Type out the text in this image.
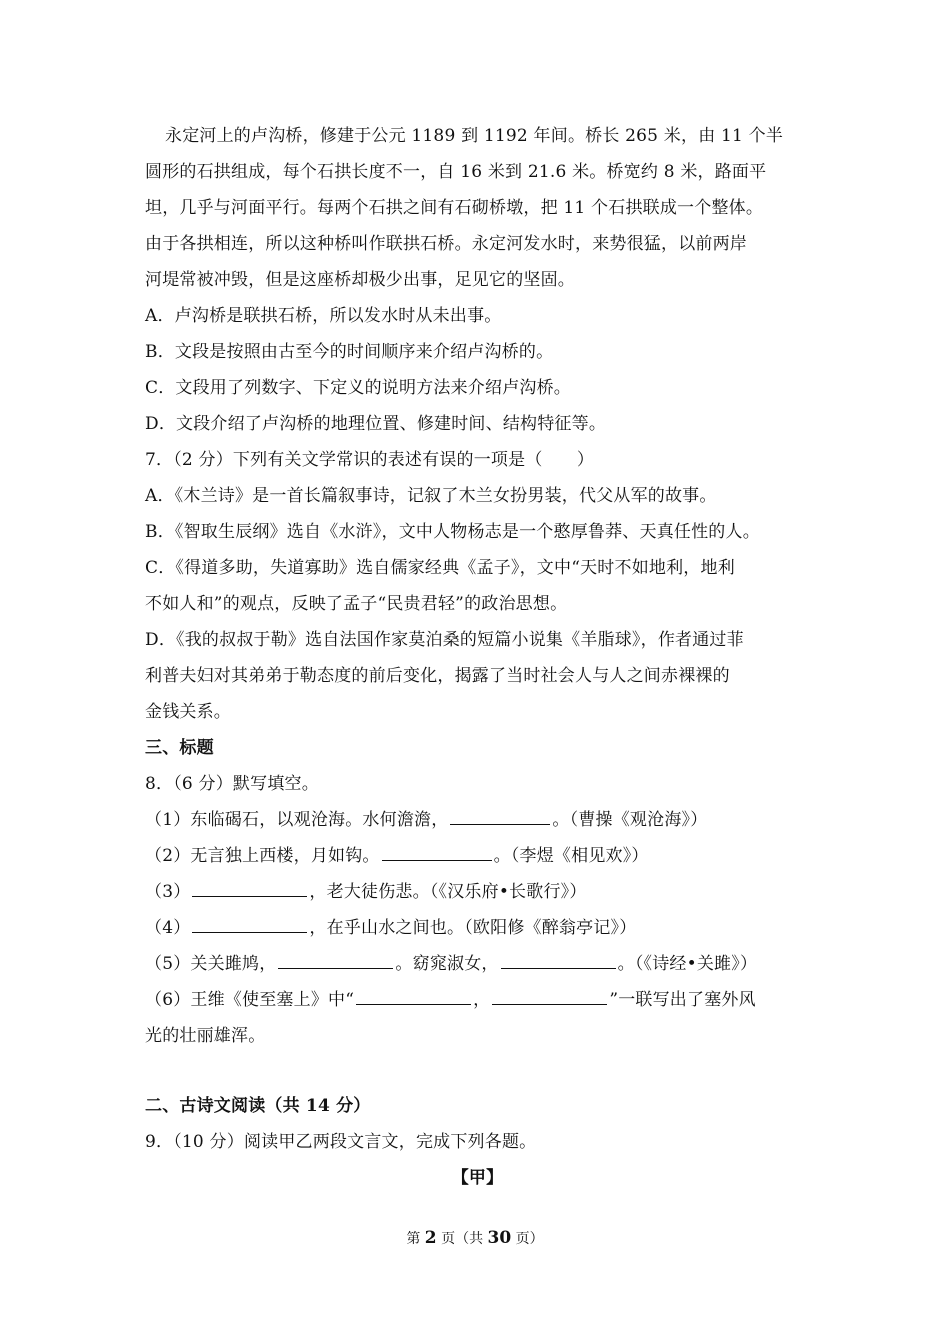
永定河上的卢沟桥，修建于公元 1189 到 1192 年间。桥长 265 米，由 11 个半
圆形的石拱组成，每个石拱长度不一，自 16 米到 21.6 米。桥宽约 8 米，路面平
坦，几乎与河面平行。每两个石拱之间有石砌桥墩，把 11 个石拱联成一个整体。
由于各拱相连，所以这种桥叫作联拱石桥。永定河发水时，来势很猛，以前两岸
河堤常被冲毁，但是这座桥却极少出事，足见它的坚固。
A．卢沟桥是联拱石桥，所以发水时从未出事。
B．文段是按照由古至今的时间顺序来介绍卢沟桥的。
C．文段用了列数字、下定义的说明方法来介绍卢沟桥。
D．文段介绍了卢沟桥的地理位置、修建时间、结构特征等。
7．（2 分）下列有关文学常识的表述有误的一项是（　　）
A．《木兰诗》是一首长篇叙事诗，记叙了木兰女扮男装，代父从军的故事。
B．《智取生辰纲》选自《水浒》，文中人物杨志是一个憨厚鲁莽、天真任性的人。
C．《得道多助，失道寡助》选自儒家经典《孟子》，文中“天时不如地利，地利
不如人和”的观点，反映了孟子“民贵君轻”的政治思想。
D．《我的叔叔于勒》选自法国作家莫泊桑的短篇小说集《羊脂球》，作者通过菲
利普夫妇对其弟弟于勒态度的前后变化，揭露了当时社会人与人之间赤裸裸的
金钱关系。
三、标题
8．（6 分）默写填空。
（1）东临碣石，以观沧海。水何澹澹，	。（曹操《观沧海》）
（2）无言独上西楼，月如钩。	。（李煜《相见欢》）
（3）	，老大徒伤悲。（《汉乐府•长歌行》）
（4）	，在乎山水之间也。（欧阳修《醉翁亭记》）
（5）关关雎鸠，	。窈窕淑女，	。（《诗经•关雎》）
（6）王维《使至塞上》中“	，	”一联写出了塞外风
光的壮丽雄浑。
二、古诗文阅读（共 14 分）
9．（10 分）阅读甲乙两段文言文，完成下列各题。
【甲】
第 2 页（共 30 页）
